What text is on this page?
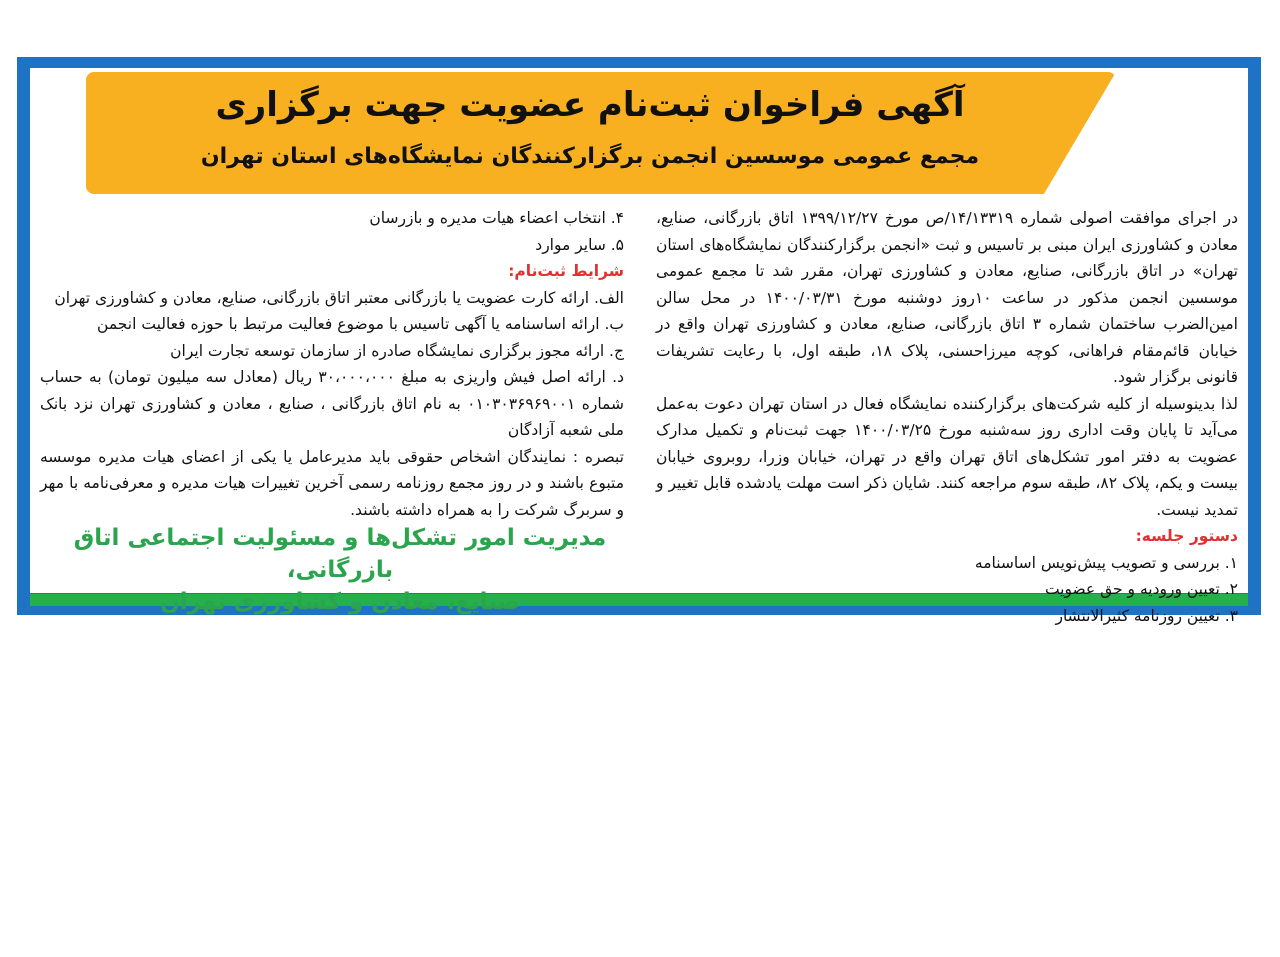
آگهی فراخوان ثبت‌نام عضویت جهت برگزاری
مجمع عمومی موسسین انجمن برگزارکنندگان نمایشگاه‌های استان تهران

در اجرای موافقت اصولی شماره ۱۴/۱۳۳۱۹/ص مورخ ۱۳۹۹/۱۲/۲۷ اتاق بازرگانی، صنایع، معادن و کشاورزی ایران مبنی بر تاسیس و ثبت «انجمن برگزارکنندگان نمایشگاه‌های استان تهران» در اتاق بازرگانی، صنایع، معادن و کشاورزی تهران، مقرر شد تا مجمع عمومی موسسین انجمن مذکور در ساعت ۱۰روز دوشنبه مورخ ۱۴۰۰/۰۳/۳۱ در محل سالن امین‌الضرب ساختمان شماره ۳ اتاق بازرگانی، صنایع، معادن و کشاورزی تهران واقع در خیابان قائم‌مقام فراهانی، کوچه میرزاحسنی، پلاک ۱۸، طبقه اول، با رعایت تشریفات قانونی برگزار شود.

لذا بدینوسیله از کلیه شرکت‌های برگزارکننده نمایشگاه فعال در استان تهران دعوت به‌عمل می‌آید تا پایان وقت اداری روز سه‌شنبه مورخ ۱۴۰۰/۰۳/۲۵ جهت ثبت‌نام و تکمیل مدارک عضویت به دفتر امور تشکل‌های اتاق تهران واقع در تهران، خیابان وزرا، روبروی خیابان بیست و یکم، پلاک ۸۲، طبقه سوم مراجعه کنند. شایان ذکر است مهلت یادشده قابل تغییر و تمدید نیست.

دستور جلسه:

۱. بررسی و تصویب پیش‌نویس اساسنامه

۲. تعیین ورودیه و حق عضویت

۳. تعیین روزنامه کثیرالانتشار

۴. انتخاب اعضاء هیات مدیره و بازرسان

۵. سایر موارد

شرایط ثبت‌نام:

الف. ارائه کارت عضویت یا بازرگانی معتبر اتاق بازرگانی، صنایع، معادن و کشاورزی تهران

ب. ارائه اساسنامه یا آگهی تاسیس با موضوع فعالیت مرتبط با حوزه فعالیت انجمن

ج. ارائه مجوز برگزاری نمایشگاه صادره از سازمان توسعه تجارت ایران

د. ارائه اصل فیش واریزی به مبلغ ۳۰،۰۰۰،۰۰۰ ریال (معادل سه میلیون تومان) به حساب شماره ۰۱۰۳۰۳۶۹۶۹۰۰۱ به نام اتاق بازرگانی ، صنایع ، معادن و کشاورزی تهران نزد بانک ملی شعبه آزادگان

تبصره : نمایندگان اشخاص حقوقی باید مدیرعامل یا یکی از اعضای هیات مدیره موسسه متبوع باشند و در روز مجمع روزنامه رسمی آخرین تغییرات هیات مدیره و معرفی‌نامه با مهر و سربرگ شرکت را به همراه داشته باشند.

مدیریت امور تشکل‌ها و مسئولیت اجتماعی اتاق بازرگانی،
صنایع، معادن و کشاورزی تهران
